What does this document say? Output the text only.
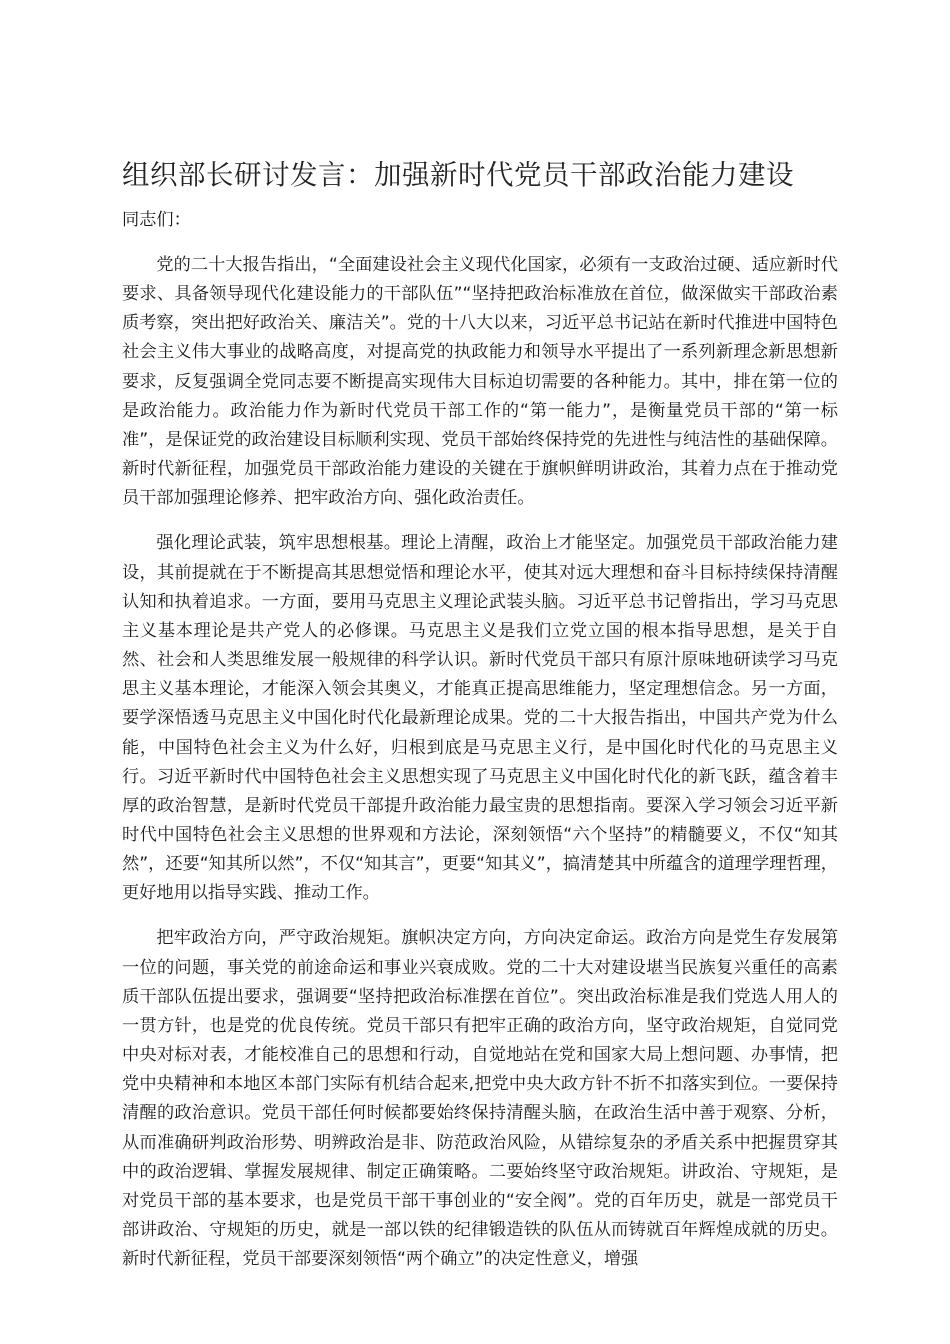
组织部长研讨发言：加强新时代党员干部政治能力建设

同志们：

党的二十大报告指出，“全面建设社会主义现代化国家，必须有一支政治过硬、适应新时代要求、具备领导现代化建设能力的干部队伍”“坚持把政治标准放在首位，做深做实干部政治素质考察，突出把好政治关、廉洁关”。党的十八大以来，习近平总书记站在新时代推进中国特色社会主义伟大事业的战略高度，对提高党的执政能力和领导水平提出了一系列新理念新思想新要求，反复强调全党同志要不断提高实现伟大目标迫切需要的各种能力。其中，排在第一位的是政治能力。政治能力作为新时代党员干部工作的“第一能力”，是衡量党员干部的“第一标准”，是保证党的政治建设目标顺利实现、党员干部始终保持党的先进性与纯洁性的基础保障。新时代新征程，加强党员干部政治能力建设的关键在于旗帜鲜明讲政治，其着力点在于推动党员干部加强理论修养、把牢政治方向、强化政治责任。

强化理论武装，筑牢思想根基。理论上清醒，政治上才能坚定。加强党员干部政治能力建设，其前提就在于不断提高其思想觉悟和理论水平，使其对远大理想和奋斗目标持续保持清醒认知和执着追求。一方面，要用马克思主义理论武装头脑。习近平总书记曾指出，学习马克思主义基本理论是共产党人的必修课。马克思主义是我们立党立国的根本指导思想，是关于自然、社会和人类思维发展一般规律的科学认识。新时代党员干部只有原汁原味地研读学习马克思主义基本理论，才能深入领会其奥义，才能真正提高思维能力，坚定理想信念。另一方面，要学深悟透马克思主义中国化时代化最新理论成果。党的二十大报告指出，中国共产党为什么能，中国特色社会主义为什么好，归根到底是马克思主义行，是中国化时代化的马克思主义行。习近平新时代中国特色社会主义思想实现了马克思主义中国化时代化的新飞跃，蕴含着丰厚的政治智慧，是新时代党员干部提升政治能力最宝贵的思想指南。要深入学习领会习近平新时代中国特色社会主义思想的世界观和方法论，深刻领悟“六个坚持”的精髓要义，不仅“知其然”，还要“知其所以然”，不仅“知其言”，更要“知其义”，搞清楚其中所蕴含的道理学理哲理，更好地用以指导实践、推动工作。

把牢政治方向，严守政治规矩。旗帜决定方向，方向决定命运。政治方向是党生存发展第一位的问题，事关党的前途命运和事业兴衰成败。党的二十大对建设堪当民族复兴重任的高素质干部队伍提出要求，强调要“坚持把政治标准摆在首位”。突出政治标准是我们党选人用人的一贯方针，也是党的优良传统。党员干部只有把牢正确的政治方向，坚守政治规矩，自觉同党中央对标对表，才能校准自己的思想和行动，自觉地站在党和国家大局上想问题、办事情，把党中央精神和本地区本部门实际有机结合起来,把党中央大政方针不折不扣落实到位。一要保持清醒的政治意识。党员干部任何时候都要始终保持清醒头脑，在政治生活中善于观察、分析，从而准确研判政治形势、明辨政治是非、防范政治风险，从错综复杂的矛盾关系中把握贯穿其中的政治逻辑、掌握发展规律、制定正确策略。二要始终坚守政治规矩。讲政治、守规矩，是对党员干部的基本要求，也是党员干部干事创业的“安全阀”。党的百年历史，就是一部党员干部讲政治、守规矩的历史，就是一部以铁的纪律锻造铁的队伍从而铸就百年辉煌成就的历史。新时代新征程，党员干部要深刻领悟“两个确立”的决定性意义，增强
